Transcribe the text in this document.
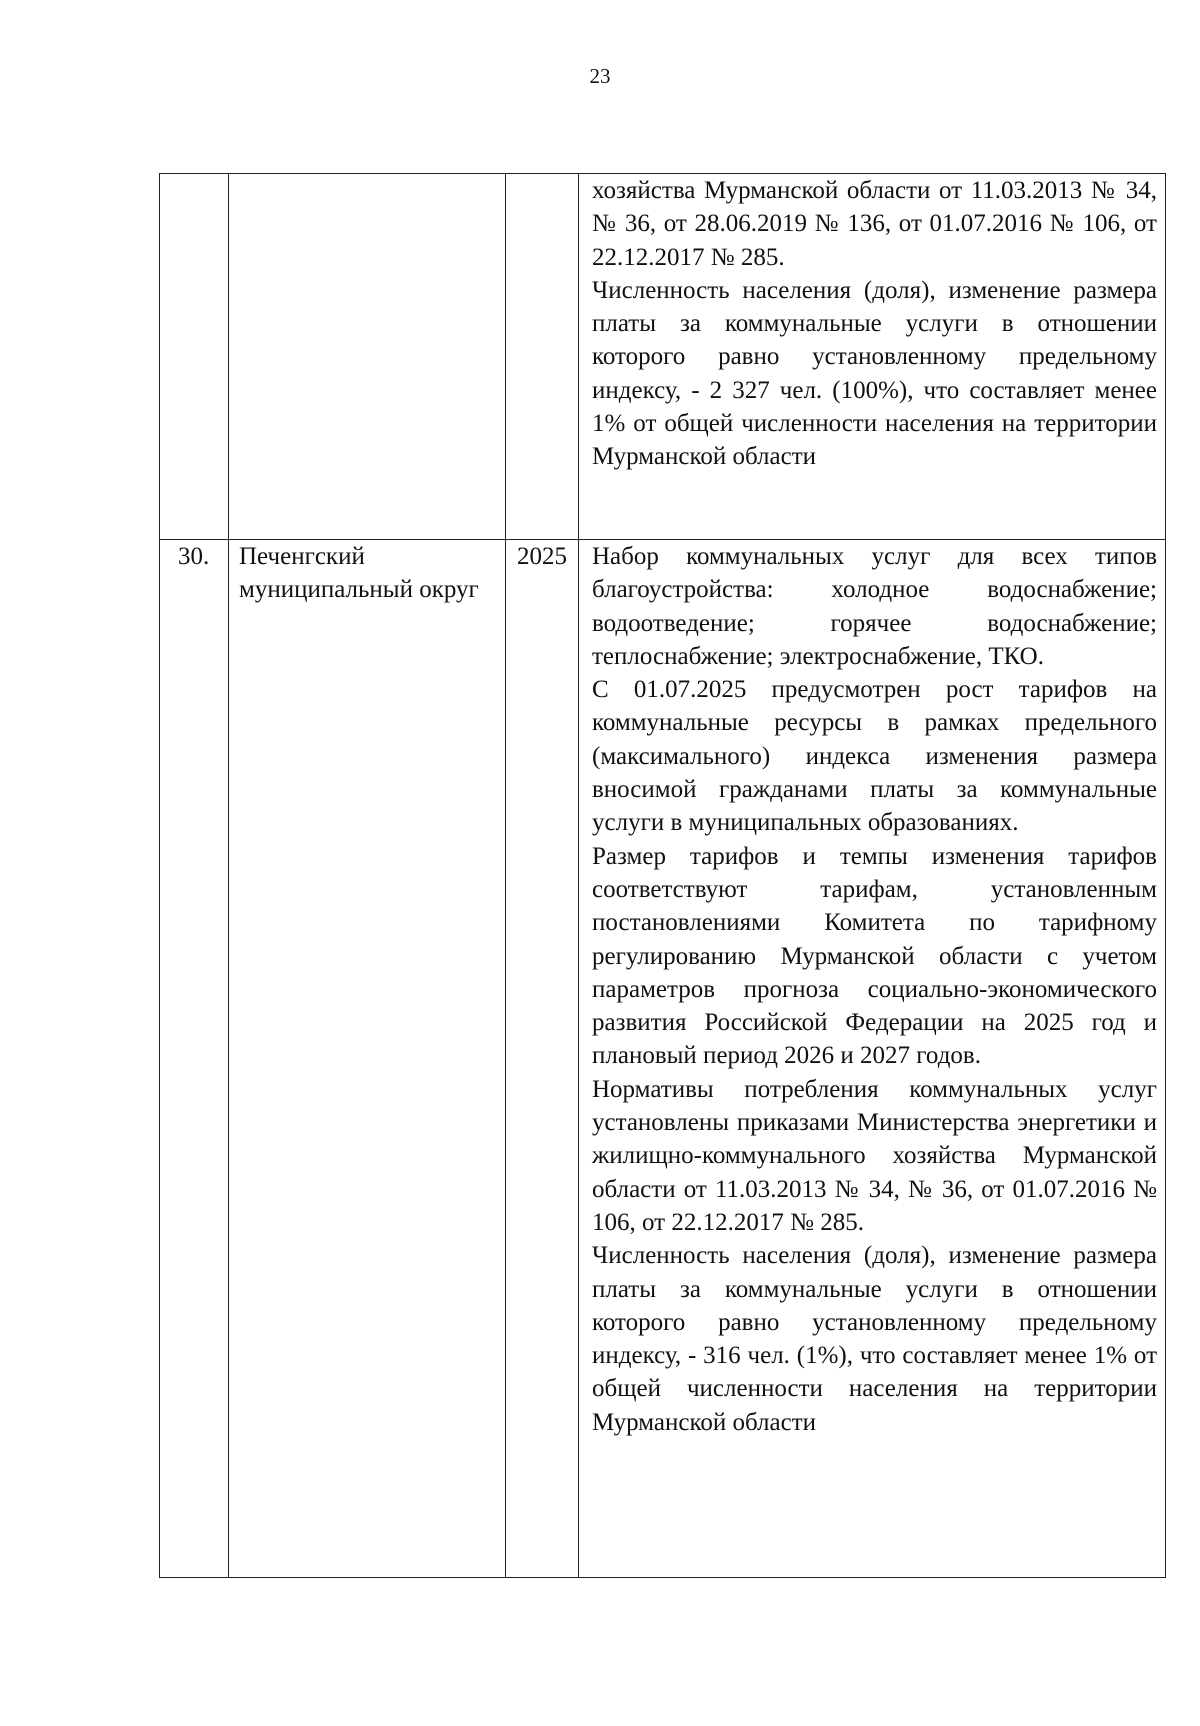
23

			хозяйства Мурманской области от 11.03.2013 № 34, № 36, от 28.06.2019 № 136, от 01.07.2016 № 106, от 22.12.2017 № 285.
Численность населения (доля), изменение размера платы за коммунальные услуги в отношении которого равно установленному предельному индексу, - 2 327 чел. (100%), что составляет менее 1% от общей численности населения на территории Мурманской области

30.	Печенгский муниципальный округ	2025	Набор коммунальных услуг для всех типов благоустройства: холодное водоснабжение; водоотведение; горячее водоснабжение; теплоснабжение; электроснабжение, ТКО.
С 01.07.2025 предусмотрен рост тарифов на коммунальные ресурсы в рамках предельного (максимального) индекса изменения размера вносимой гражданами платы за коммунальные услуги в муниципальных образованиях.
Размер тарифов и темпы изменения тарифов соответствуют тарифам, установленным постановлениями Комитета по тарифному регулированию Мурманской области с учетом параметров прогноза социально-экономического развития Российской Федерации на 2025 год и плановый период 2026 и 2027 годов.
Нормативы потребления коммунальных услуг установлены приказами Министерства энергетики и жилищно-коммунального хозяйства Мурманской области от 11.03.2013 № 34, № 36, от 01.07.2016 № 106, от 22.12.2017 № 285.
Численность населения (доля), изменение размера платы за коммунальные услуги в отношении которого равно установленному предельному индексу, - 316 чел. (1%), что составляет менее 1% от общей численности населения на территории Мурманской области
